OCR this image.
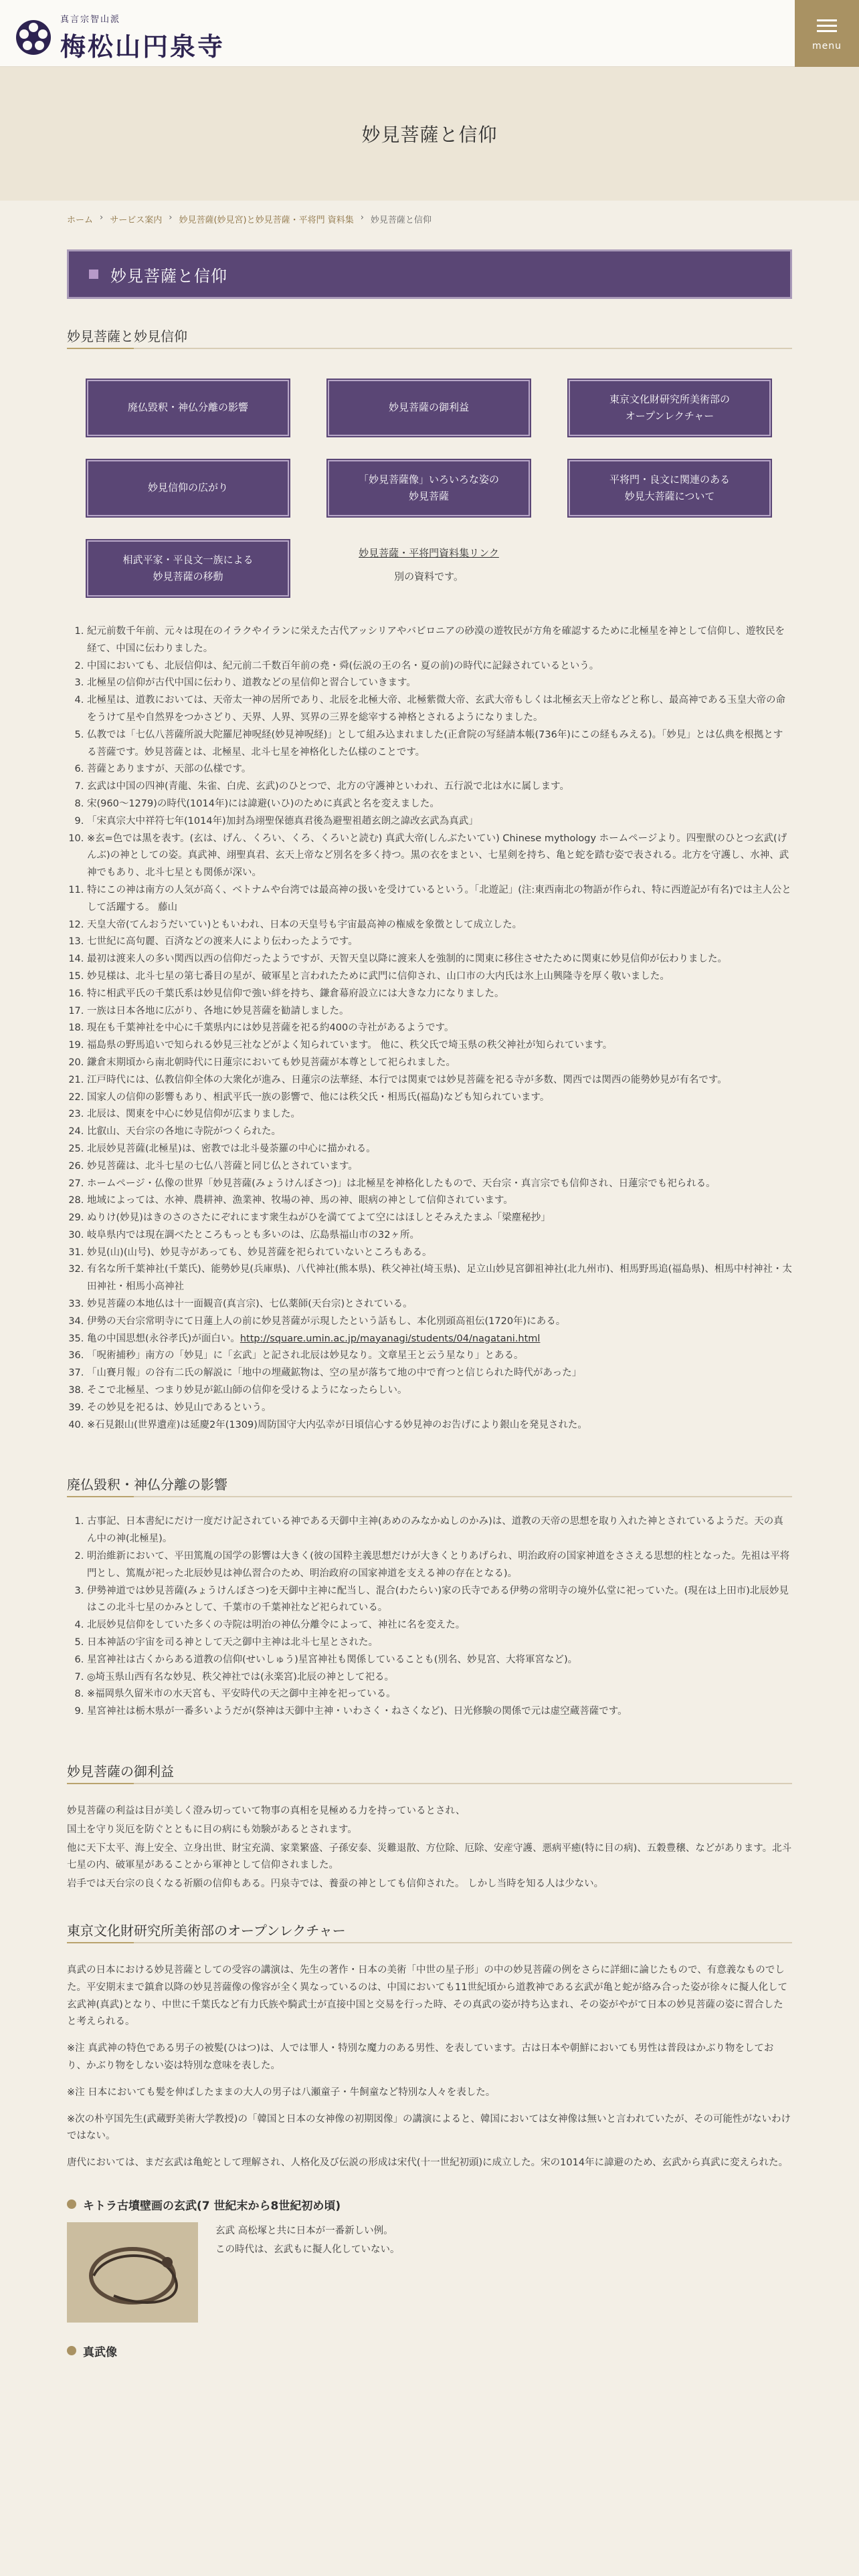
真言宗智山派
梅松山円泉寺	menu
妙見菩薩と信仰
ホーム › サービス案内 › 妙見菩薩(妙見宮)と妙見菩薩・平将門 資料集 › 妙見菩薩と信仰
妙見菩薩と信仰
妙見菩薩と妙見信仰
廃仏毀釈・神仏分離の影響	妙見菩薩の御利益
東京文化財研究所美術部の
オープンレクチャー
妙見信仰の広がり
「妙見菩薩像」いろいろな姿の
妙見菩薩
平将門・良文に関連のある
妙見大菩薩について
相武平家・平良文一族による
妙見菩薩の移動
妙見菩薩・平将門資料集リンク
別の資料です。
1. 紀元前数千年前、元々は現在のイラクやイランに栄えた古代アッシリアやバビロニアの砂漠の遊牧民が方角を確認するために北極星を神として信仰し、遊牧民を経て、中国に伝わりました。
2. 中国においても、北辰信仰は、紀元前二千数百年前の堯・舜(伝説の王の名・夏の前)の時代に記録されているという。
3. 北極星の信仰が古代中国に伝わり、道教などの星信仰と習合していきます。
4. 北極星は、道教においては、天帝太一神の居所であり、北辰を北極大帝、北極紫微大帝、玄武大帝もしくは北極玄天上帝などと称し、最高神である玉皇大帝の命をうけて星や自然界をつかさどり、天界、人界、冥界の三界を総宰する神格とされるようになりました。
5. 仏教では「七仏八菩薩所説大陀羅尼神呪経(妙見神呪経)」として組み込まれました(正倉院の写経請本帳(736年)にこの経もみえる)。「妙見」とは仏典を根拠とする菩薩です。妙見菩薩とは、北極星、北斗七星を神格化した仏様のことです。
6. 菩薩とありますが、天部の仏様です。
7. 玄武は中国の四神(青龍、朱雀、白虎、玄武)のひとつで、北方の守護神といわれ、五行説で北は水に属します。
8. 宋(960～1279)の時代(1014年)には諱避(いひ)のために真武と名を変えました。
9. 「宋真宗大中祥符七年(1014年)加封為翊聖保德真君後為避聖祖趙玄朗之諱改玄武為真武」
10. ※玄=色では黒を表す。(玄は、げん、くろい、くろ、くろいと読む) 真武大帝(しんぶたいてい) Chinese mythology ホームページより。四聖獣のひとつ玄武(げんぶ)の神としての姿。真武神、翊聖真君、玄天上帝など別名を多く持つ。黒の衣をまとい、七星剣を持ち、亀と蛇を踏む姿で表される。北方を守護し、水神、武神でもあり、北斗七星とも関係が深い。
11. 特にこの神は南方の人気が高く、ベトナムや台湾では最高神の扱いを受けているという。「北遊記」(注:東西南北の物語が作られ、特に西遊記が有名)では主人公として活躍する。 藤山
12. 天皇大帝(てんおうだいてい)ともいわれ、日本の天皇号も宇宙最高神の権威を象徴として成立した。
13. 七世紀に高句麗、百済などの渡来人により伝わったようです。
14. 最初は渡来人の多い関西以西の信仰だったようですが、天智天皇以降に渡来人を強制的に関東に移住させたために関東に妙見信仰が伝わりました。
15. 妙見様は、北斗七星の第七番目の星が、破軍星と言われたために武門に信仰され、山口市の大内氏は氷上山興隆寺を厚く敬いました。
16. 特に相武平氏の千葉氏系は妙見信仰で強い絆を持ち、鎌倉幕府設立には大きな力になりました。
17. 一族は日本各地に広がり、各地に妙見菩薩を勧請しました。
18. 現在も千葉神社を中心に千葉県内には妙見菩薩を祀る約400の寺社があるようです。
19. 福島県の野馬追いで知られる妙見三社などがよく知られています。 他に、秩父氏で埼玉県の秩父神社が知られています。
20. 鎌倉末期頃から南北朝時代に日蓮宗においても妙見菩薩が本尊として祀られました。
21. 江戸時代には、仏教信仰全体の大衆化が進み、日蓮宗の法華経、本行では関東では妙見菩薩を祀る寺が多数、関西では関西の能勢妙見が有名です。
22. 国家人の信仰の影響もあり、相武平氏一族の影響で、他には秩父氏・相馬氏(福島)なども知られています。
23. 北辰は、関東を中心に妙見信仰が広まりました。
24. 比叡山、天台宗の各地に寺院がつくられた。
25. 北辰妙見菩薩(北極星)は、密教では北斗曼荼羅の中心に描かれる。
26. 妙見菩薩は、北斗七星の七仏八菩薩と同じ仏とされています。
27. ホームページ・仏像の世界「妙見菩薩(みょうけんぼさつ)」は北極星を神格化したもので、天台宗・真言宗でも信仰され、日蓮宗でも祀られる。
28. 地域によっては、水神、農耕神、漁業神、牧場の神、馬の神、眼病の神として信仰されています。
29. ぬりけ(妙見)はきのさのさたにぞれにます衆生ねがひを満ててよて空にはほしとそみえたまふ「梁塵秘抄」
30. 岐阜県内では現在調べたところもっとも多いのは、広島県福山市の32ヶ所。
31. 妙見(山)(山号)、妙見寺があっても、妙見菩薩を祀られていないところもある。
32. 有名な所千葉神社(千葉氏)、能勢妙見(兵庫県)、八代神社(熊本県)、秩父神社(埼玉県)、足立山妙見宮御祖神社(北九州市)、相馬野馬追(福島県)、相馬中村神社・太田神社・相馬小高神社
33. 妙見菩薩の本地仏は十一面観音(真言宗)、七仏薬師(天台宗)とされている。
34. 伊勢の天台宗常明寺にて日蓮上人の前に妙見菩薩が示現したという話もし、本化別頭高祖伝(1720年)にある。
35. 亀の中国思想(永谷孝氏)が面白い。http://square.umin.ac.jp/mayanagi/students/04/nagatani.html
36. 「呪術捕秒」南方の「妙見」に「玄武」と記され北辰は妙見なり。文章星王と云う星なり」とある。
37. 「山賽月報」の谷有二氏の解説に「地中の埋蔵鉱物は、空の星が落ちて地の中で育つと信じられた時代があった」
38. そこで北極星、つまり妙見が鉱山師の信仰を受けるようになったらしい。
39. その妙見を祀るは、妙見山であるという。
40. ※石見銀山(世界遺産)は延慶2年(1309)周防国守大内弘幸が日頃信心する妙見神のお告げにより銀山を発見された。
廃仏毀釈・神仏分離の影響
1. 古事記、日本書紀にだけ一度だけ記されている神である天御中主神(あめのみなかぬしのかみ)は、道教の天帝の思想を取り入れた神とされているようだ。天の真ん中の神(北極星)。
2. 明治維新において、平田篤胤の国学の影響は大きく(彼の国粋主義思想だけが大きくとりあげられ、明治政府の国家神道をささえる思想的柱となった。先祖は平将門とし、篤胤が祀った北辰妙見は神仏習合のため、明治政府の国家神道を支える神の存在となる)。
3. 伊勢神道では妙見菩薩(みょうけんぼさつ)を天御中主神に配当し、混合(わたらい)家の氏寺である伊勢の常明寺の境外仏堂に祀っていた。(現在は上田市)北辰妙見はこの北斗七星のかみとして、千葉市の千葉神社など祀られている。
4. 北辰妙見信仰をしていた多くの寺院は明治の神仏分離令によって、神社に名を変えた。
5. 日本神話の宇宙を司る神として天之御中主神は北斗七星とされた。
6. 星宮神社は古くからある道教の信仰(せいしゅう)星宮神社も関係していることも(別名、妙見宮、大将軍宮など)。
7. ◎埼玉県山西有名な妙見、秩父神社では(永楽宮)北辰の神として祀る。
8. ※福岡県久留米市の水天宮も、平安時代の天之御中主神を祀っている。
9. 星宮神社は栃木県が一番多いようだが(祭神は天御中主神・いわさく・ねさくなど)、日光修験の関係で元は虚空蔵菩薩です。
妙見菩薩の御利益

妙見菩薩の利益は目が美しく澄み切っていて物事の真相を見極める力を持っているとされ、

国土を守り災厄を防ぐとともに目の病にも効験があるとされます。

他に天下太平、海上安全、立身出世、財宝充満、家業繁盛、子孫安泰、災難退散、方位除、厄除、安産守護、悪病平癒(特に目の病)、五穀豊穣、などがあります。北斗七星の内、破軍星があることから軍神として信仰されました。

岩手では天台宗の良くなる祈願の信仰もある。円泉寺では、養蚕の神としても信仰された。 しかし当時を知る人は少ない。

東京文化財研究所美術部のオープンレクチャー

真武の日本における妙見菩薩としての受容の講演は、先生の著作・日本の美術「中世の星子形」の中の妙見菩薩の例をさらに詳細に論じたもので、有意義なものでした。平安期末まで鎮倉以降の妙見菩薩像の像容が全く異なっているのは、中国においても11世紀頃から道教神である玄武が亀と蛇が絡み合った姿が徐々に擬人化して玄武神(真武)となり、中世に千葉氏など有力氏族や騎武士が直接中国と交易を行った時、その真武の姿が持ち込まれ、その姿がやがて日本の妙見菩薩の姿に習合したと考えられる。

※注 真武神の特色である男子の被髪(ひはつ)は、人では罪人・特別な魔力のある男性、を表しています。古は日本や朝鮮においても男性は普段はかぶり物をしており、かぶり物をしない姿は特別な意味を表した。

※注 日本においても髪を伸ばしたままの大人の男子は八瀬童子・牛飼童など特別な人々を表した。

※次の朴亨国先生(武蔵野美術大学教授)の「韓国と日本の女神像の初期図像」の講演によると、韓国においては女神像は無いと言われていたが、その可能性がないわけではない。

唐代においては、まだ玄武は亀蛇として理解され、人格化及び伝説の形成は宋代(十一世紀初頭)に成立した。宋の1014年に諱避のため、玄武から真武に変えられた。

キトラ古墳壁画の玄武(7 世紀末から8世紀初め頃)

玄武 高松塚と共に日本が一番新しい例。

この時代は、玄武もに擬人化していない。

真武像
